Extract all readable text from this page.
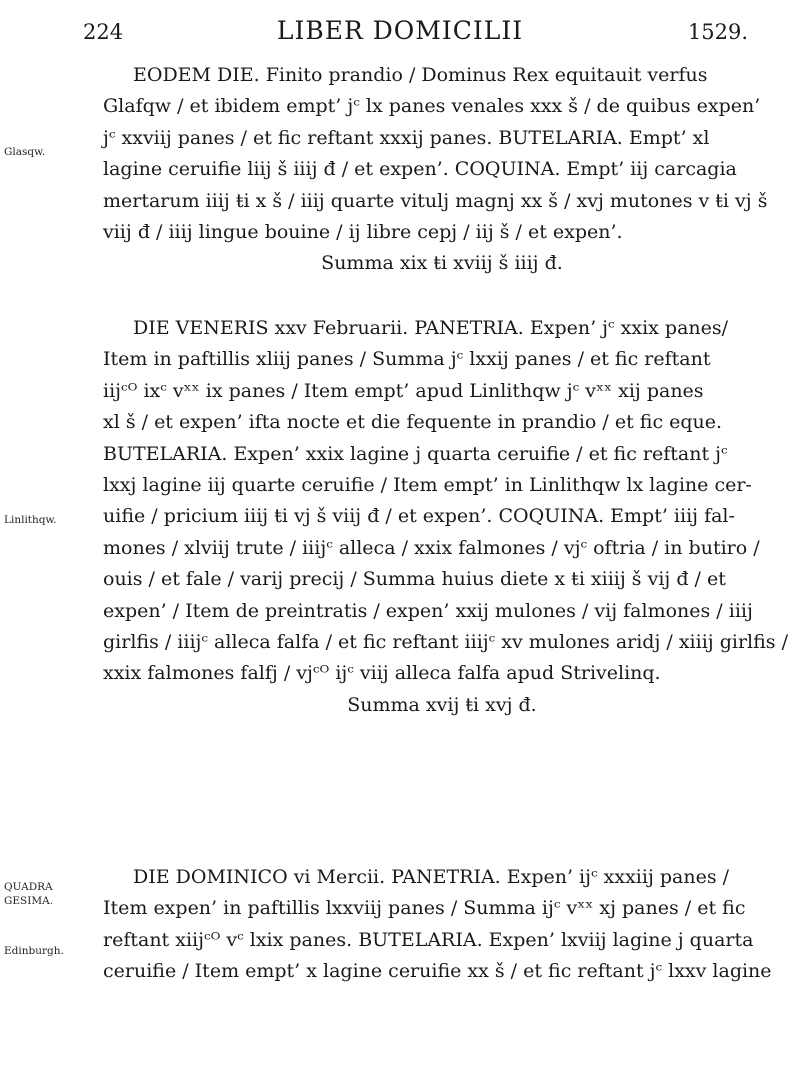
224	LIBER DOMICILII	1529.
Glasqw.
Linlithqw.
QUADRA
GESIMA.
Edinburgh.
EODEM DIE. Finito prandio / Dominus Rex equitauit verfus
Glafqw / et ibidem empt’ jᶜ lx panes venales xxx š / de quibus expen’
jᶜ xxviij panes / et fic reftant xxxij panes. BUTELARIA. Empt’ xl
lagine ceruifie liij š iiij đ / et expen’. COQUINA. Empt’ iij carcagia
mertarum iiij ŧi x š / iiij quarte vitulj magnj xx š / xvj mutones v ŧi vj š
viij đ / iiij lingue bouine / ij libre cepj / iij š / et expen’.
Summa xix ŧi xviij š iiij đ.
DIE VENERIS xxv Februarii. PANETRIA. Expen’ jᶜ xxix panes/
Item in paftillis xliij panes / Summa jᶜ lxxij panes / et fic reftant
iijᶜᴼ ixᶜ vˣˣ ix panes / Item empt’ apud Linlithqw jᶜ vˣˣ xij panes
xl š / et expen’ ifta nocte et die fequente in prandio / et fic eque.
BUTELARIA. Expen’ xxix lagine j quarta ceruifie / et fic reftant jᶜ
lxxj lagine iij quarte ceruifie / Item empt’ in Linlithqw lx lagine cer-
uifie / pricium iiij ŧi vj š viij đ / et expen’. COQUINA. Empt’ iiij fal-
mones / xlviij trute / iiijᶜ alleca / xxix falmones / vjᶜ oftria / in butiro /
ouis / et fale / varij precij / Summa huius diete x ŧi xiiij š vij đ / et
expen’ / Item de preintratis / expen’ xxij mulones / vij falmones / iiij
girlfis / iiijᶜ alleca falfa / et fic reftant iiijᶜ xv mulones aridj / xiiij girlfis /
xxix falmones falfj / vjᶜᴼ ijᶜ viij alleca falfa apud Strivelinq.
Summa xvij ŧi xvj đ.
DIE DOMINICO vi Mercii. PANETRIA. Expen’ ijᶜ xxxiij panes /
Item expen’ in paftillis lxxviij panes / Summa ijᶜ vˣˣ xj panes / et fic
reftant xiijᶜᴼ vᶜ lxix panes. BUTELARIA. Expen’ lxviij lagine j quarta
ceruifie / Item empt’ x lagine ceruifie xx š / et fic reftant jᶜ lxxv lagine
